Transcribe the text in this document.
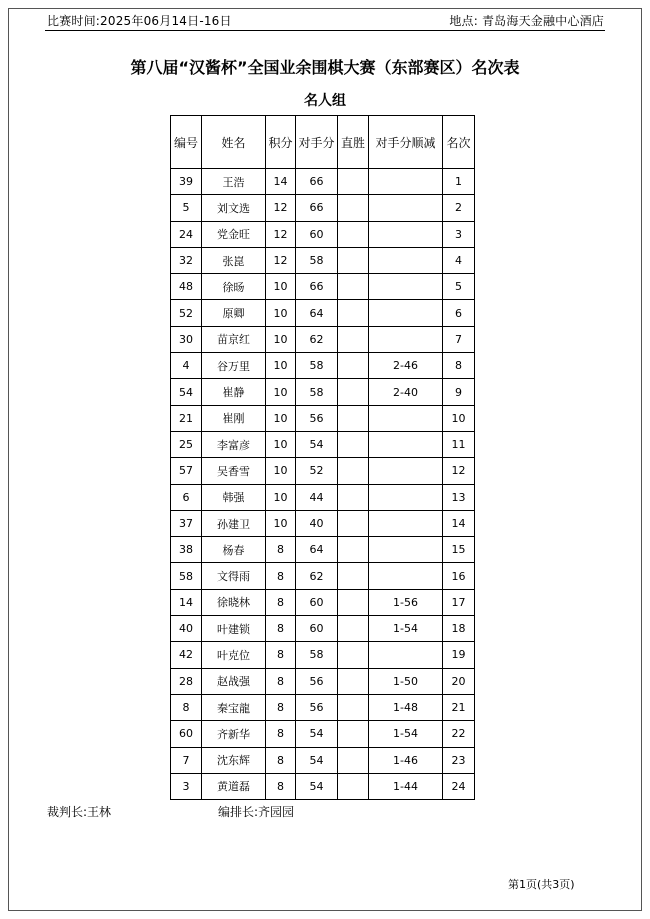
比赛时间:2025年06月14日-16日	地点: 青岛海天金融中心酒店
第八届“汉酱杯”全国业余围棋大赛（东部赛区）名次表
名人组
编号	姓名	积分	对手分	直胜	对手分顺减	名次
39	王浩	14	66			1
5	刘文选	12	66			2
24	党金旺	12	60			3
32	张崑	12	58			4
48	徐旸	10	66			5
52	原卿	10	64			6
30	苗京红	10	62			7
4	谷万里	10	58		2-46	8
54	崔静	10	58		2-40	9
21	崔刚	10	56			10
25	李富彦	10	54			11
57	吴香雪	10	52			12
6	韩强	10	44			13
37	孙建卫	10	40			14
38	杨春	8	64			15
58	文得雨	8	62			16
14	徐晓林	8	60		1-56	17
40	叶建锁	8	60		1-54	18
42	叶克位	8	58			19
28	赵战强	8	56		1-50	20
8	秦宝龍	8	56		1-48	21
60	齐新华	8	54		1-54	22
7	沈东辉	8	54		1-46	23
3	黄道磊	8	54		1-44	24
裁判长:王林	编排长:齐园园
第1页(共3页)
